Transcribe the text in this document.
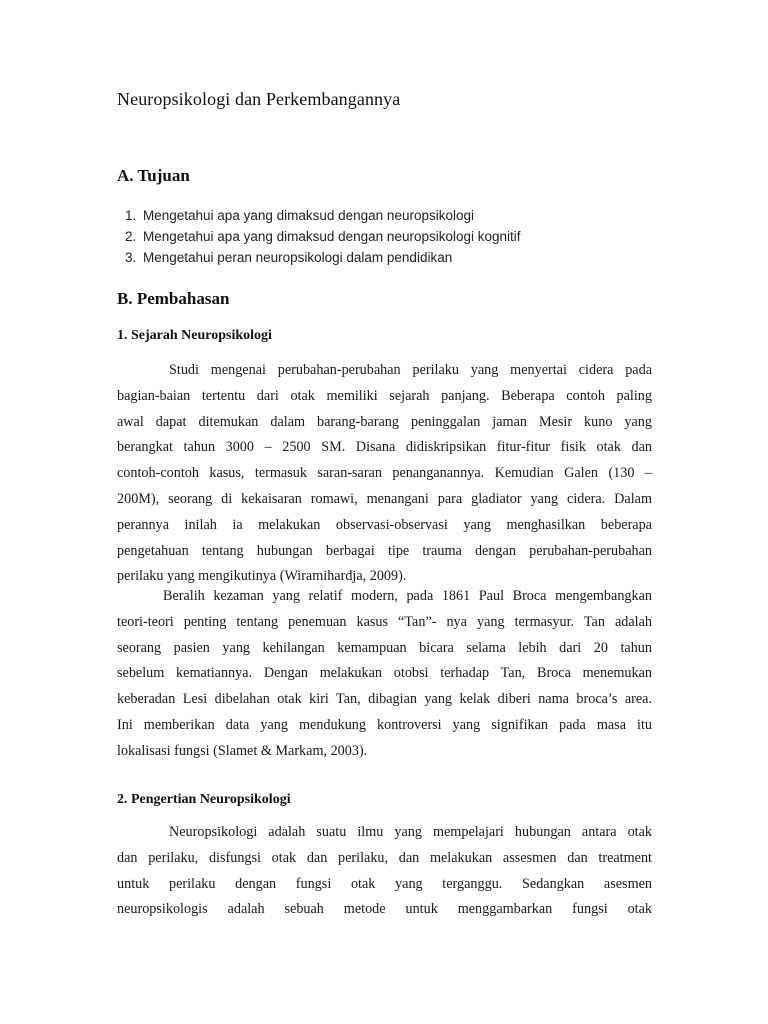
Neuropsikologi dan Perkembangannya
A. Tujuan
1. Mengetahui apa yang dimaksud dengan neuropsikologi
2. Mengetahui apa yang dimaksud dengan neuropsikologi kognitif
3. Mengetahui peran neuropsikologi dalam pendidikan
B. Pembahasan
1. Sejarah Neuropsikologi
Studi mengenai perubahan-perubahan perilaku yang menyertai cidera pada
bagian-baian tertentu dari otak memiliki sejarah panjang. Beberapa contoh paling
awal dapat ditemukan dalam barang-barang peninggalan jaman Mesir kuno yang
berangkat tahun 3000 – 2500 SM. Disana didiskripsikan fitur-fitur fisik otak dan
contoh-contoh kasus, termasuk saran-saran penanganannya. Kemudian Galen (130 –
200M), seorang di kekaisaran romawi, menangani para gladiator yang cidera. Dalam
perannya inilah ia melakukan observasi-observasi yang menghasilkan beberapa
pengetahuan tentang hubungan berbagai tipe trauma dengan perubahan-perubahan
perilaku yang mengikutinya (Wiramihardja, 2009).
Beralih kezaman yang relatif modern, pada 1861 Paul Broca mengembangkan
teori-teori penting tentang penemuan kasus “Tan”- nya yang termasyur. Tan adalah
seorang pasien yang kehilangan kemampuan bicara selama lebih dari 20 tahun
sebelum kematiannya. Dengan melakukan otobsi terhadap Tan, Broca menemukan
keberadan Lesi dibelahan otak kiri Tan, dibagian yang kelak diberi nama broca’s area.
Ini memberikan data yang mendukung kontroversi yang signifikan pada masa itu
lokalisasi fungsi (Slamet & Markam, 2003).
2. Pengertian Neuropsikologi
Neuropsikologi adalah suatu ilmu yang mempelajari hubungan antara otak
dan perilaku, disfungsi otak dan perilaku, dan melakukan assesmen dan treatment
untuk perilaku dengan fungsi otak yang terganggu. Sedangkan asesmen
neuropsikologis adalah sebuah metode untuk menggambarkan fungsi otak
